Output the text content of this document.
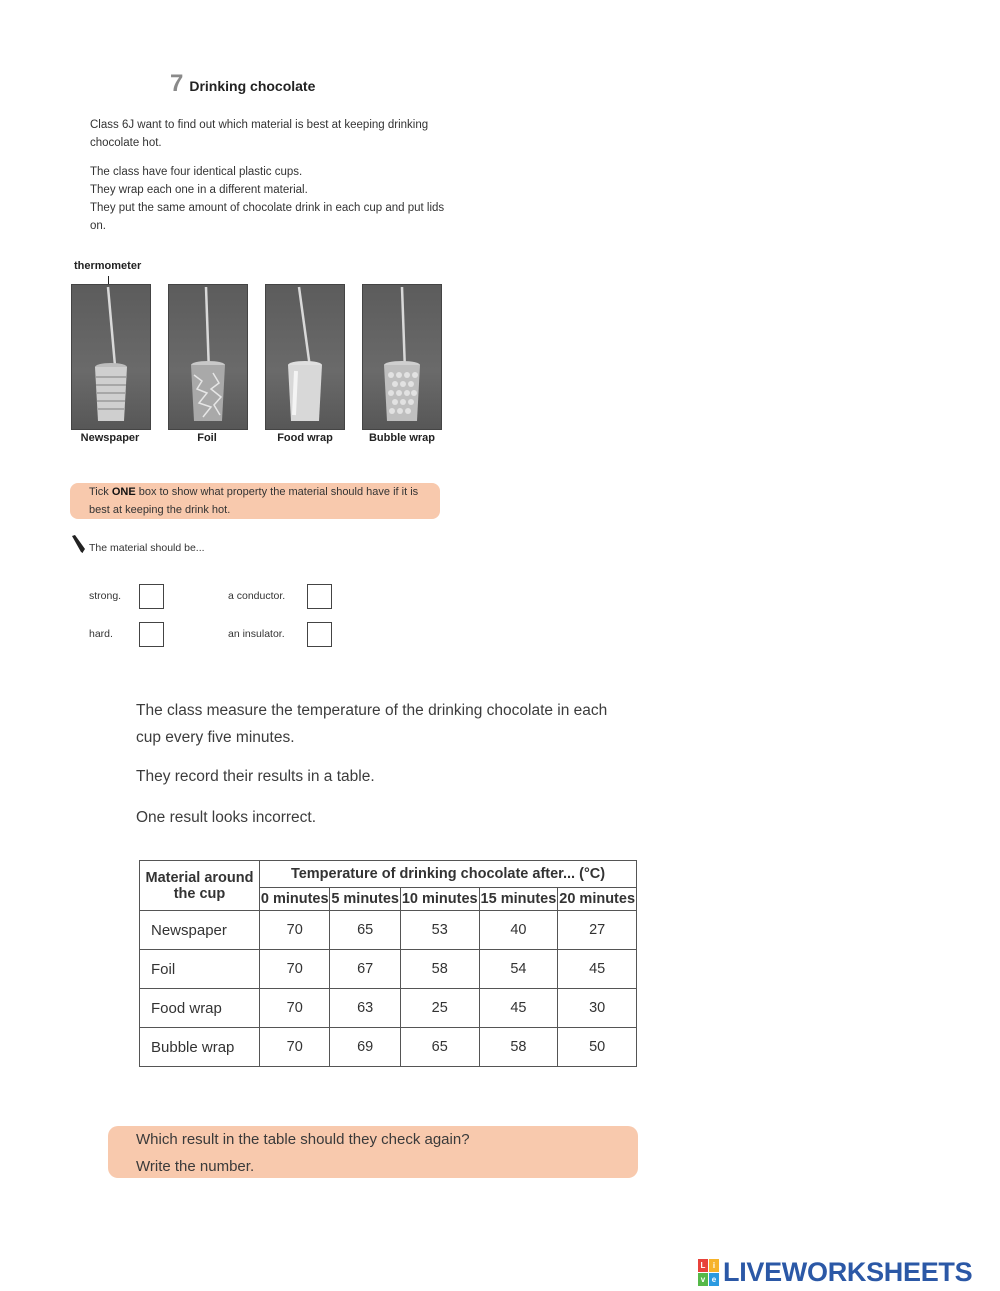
7 Drinking chocolate
Class 6J want to find out which material is best at keeping drinking chocolate hot.
The class have four identical plastic cups.
They wrap each one in a different material.
They put the same amount of chocolate drink in each cup and put lids on.
thermometer
Newspaper	Foil	Food wrap	Bubble wrap
Tick ONE box to show what property the material should have if it is best at keeping the drink hot.
The material should be...
strong.	a conductor.
hard.	an insulator.
The class measure the temperature of the drinking chocolate in each cup every five minutes.
They record their results in a table.
One result looks incorrect.
Material around the cup	Temperature of drinking chocolate after... (°C)				
	0 minutes	5 minutes	10 minutes	15 minutes	20 minutes
Newspaper	70	65	53	40	27
Foil	70	67	58	54	45
Food wrap	70	63	25	45	30
Bubble wrap	70	69	65	58	50
Which result in the table should they check again?
Write the number.
L i
v e LIVEWORKSHEETS
